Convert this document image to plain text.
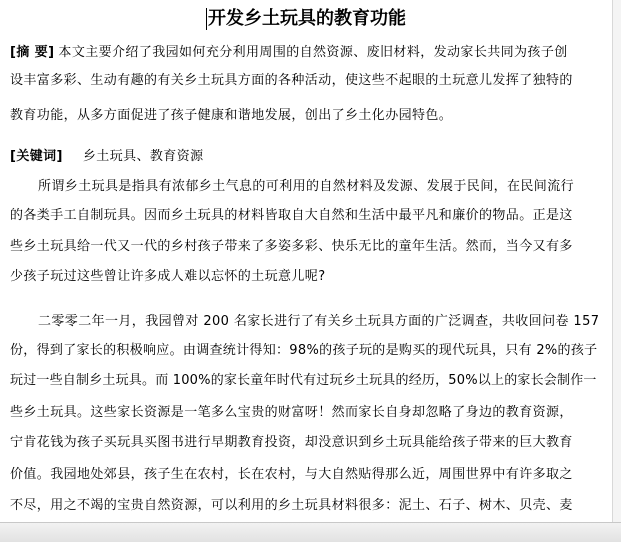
开发乡土玩具的教育功能
[摘 要] 本文主要介绍了我园如何充分利用周围的自然资源、废旧材料，发动家长共同为孩子创
设丰富多彩、生动有趣的有关乡土玩具方面的各种活动，使这些不起眼的土玩意儿发挥了独特的
教育功能，从多方面促进了孩子健康和谐地发展，创出了乡土化办园特色。
[关键词] 乡土玩具、教育资源
所谓乡土玩具是指具有浓郁乡土气息的可利用的自然材料及发源、发展于民间，在民间流行
的各类手工自制玩具。因而乡土玩具的材料皆取自大自然和生活中最平凡和廉价的物品。正是这
些乡土玩具给一代又一代的乡村孩子带来了多姿多彩、快乐无比的童年生活。然而，当今又有多
少孩子玩过这些曾让许多成人难以忘怀的土玩意儿呢?
二零零二年一月，我园曾对 200 名家长进行了有关乡土玩具方面的广泛调查，共收回问卷 157
份，得到了家长的积极响应。由调查统计得知：98%的孩子玩的是购买的现代玩具，只有 2%的孩子
玩过一些自制乡土玩具。而 100%的家长童年时代有过玩乡土玩具的经历，50%以上的家长会制作一
些乡土玩具。这些家长资源是一笔多么宝贵的财富呀！然而家长自身却忽略了身边的教育资源，
宁肯花钱为孩子买玩具买图书进行早期教育投资，却没意识到乡土玩具能给孩子带来的巨大教育
价值。我园地处郊县，孩子生在农村，长在农村，与大自然贴得那么近，周围世界中有许多取之
不尽，用之不竭的宝贵自然资源，可以利用的乡土玩具材料很多：泥土、石子、树木、贝壳、麦
